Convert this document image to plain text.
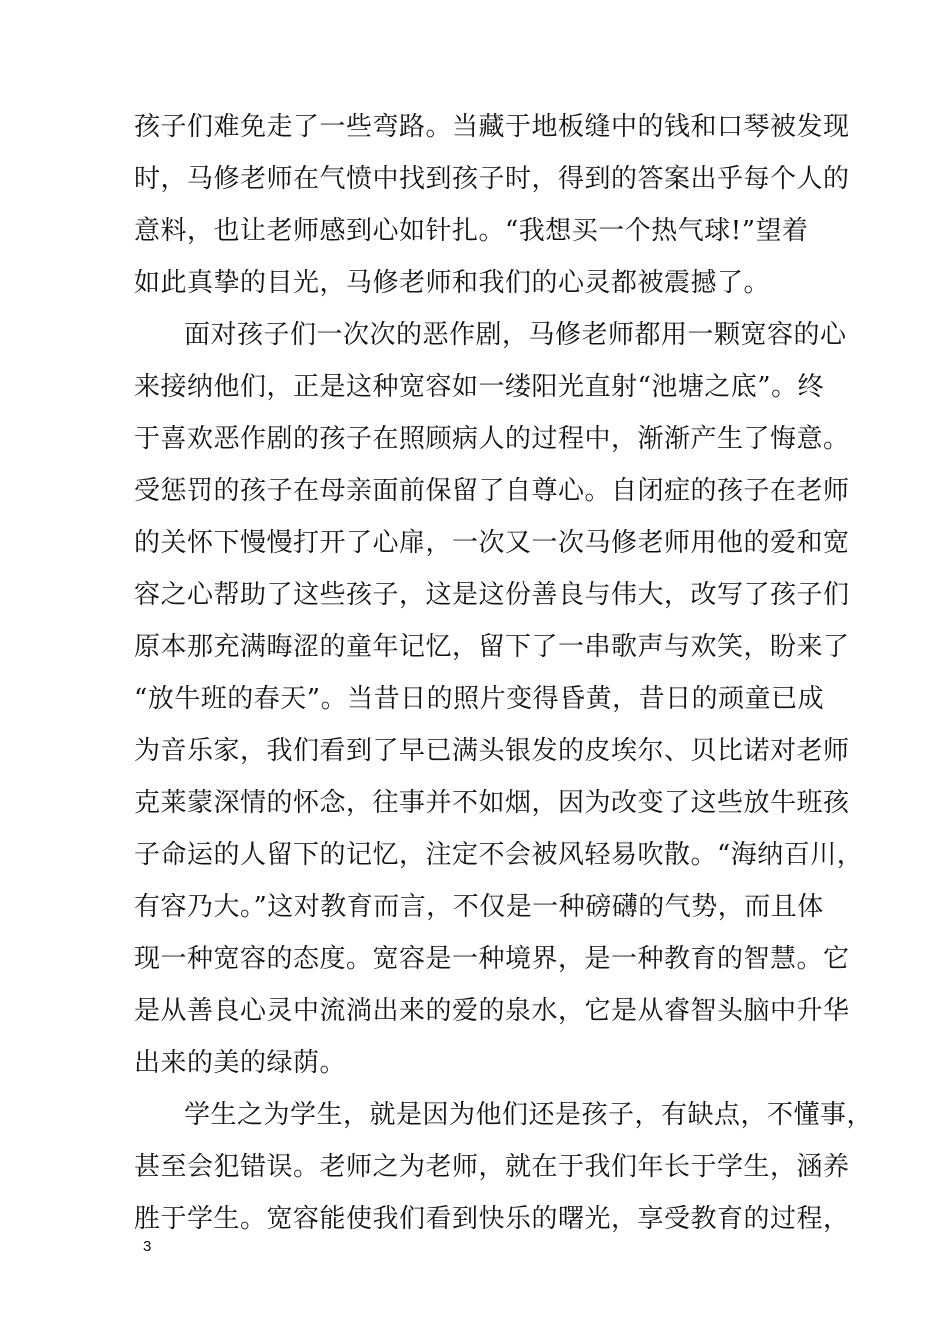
孩子们难免走了一些弯路。当藏于地板缝中的钱和口琴被发现
时，马修老师在气愤中找到孩子时，得到的答案出乎每个人的
意料，也让老师感到心如针扎。“我想买一个热气球!”望着
如此真挚的目光，马修老师和我们的心灵都被震撼了。
面对孩子们一次次的恶作剧，马修老师都用一颗宽容的心
来接纳他们，正是这种宽容如一缕阳光直射“池塘之底”。终
于喜欢恶作剧的孩子在照顾病人的过程中，渐渐产生了悔意。
受惩罚的孩子在母亲面前保留了自尊心。自闭症的孩子在老师
的关怀下慢慢打开了心扉，一次又一次马修老师用他的爱和宽
容之心帮助了这些孩子，这是这份善良与伟大，改写了孩子们
原本那充满晦涩的童年记忆，留下了一串歌声与欢笑，盼来了
“放牛班的春天”。当昔日的照片变得昏黄，昔日的顽童已成
为音乐家，我们看到了早已满头银发的皮埃尔、贝比诺对老师
克莱蒙深情的怀念，往事并不如烟，因为改变了这些放牛班孩
子命运的人留下的记忆，注定不会被风轻易吹散。“海纳百川，
有容乃大。”这对教育而言，不仅是一种磅礴的气势，而且体
现一种宽容的态度。宽容是一种境界，是一种教育的智慧。它
是从善良心灵中流淌出来的爱的泉水，它是从睿智头脑中升华
出来的美的绿荫。
学生之为学生，就是因为他们还是孩子，有缺点，不懂事，
甚至会犯错误。老师之为老师，就在于我们年长于学生，涵养
胜于学生。宽容能使我们看到快乐的曙光，享受教育的过程，
3
